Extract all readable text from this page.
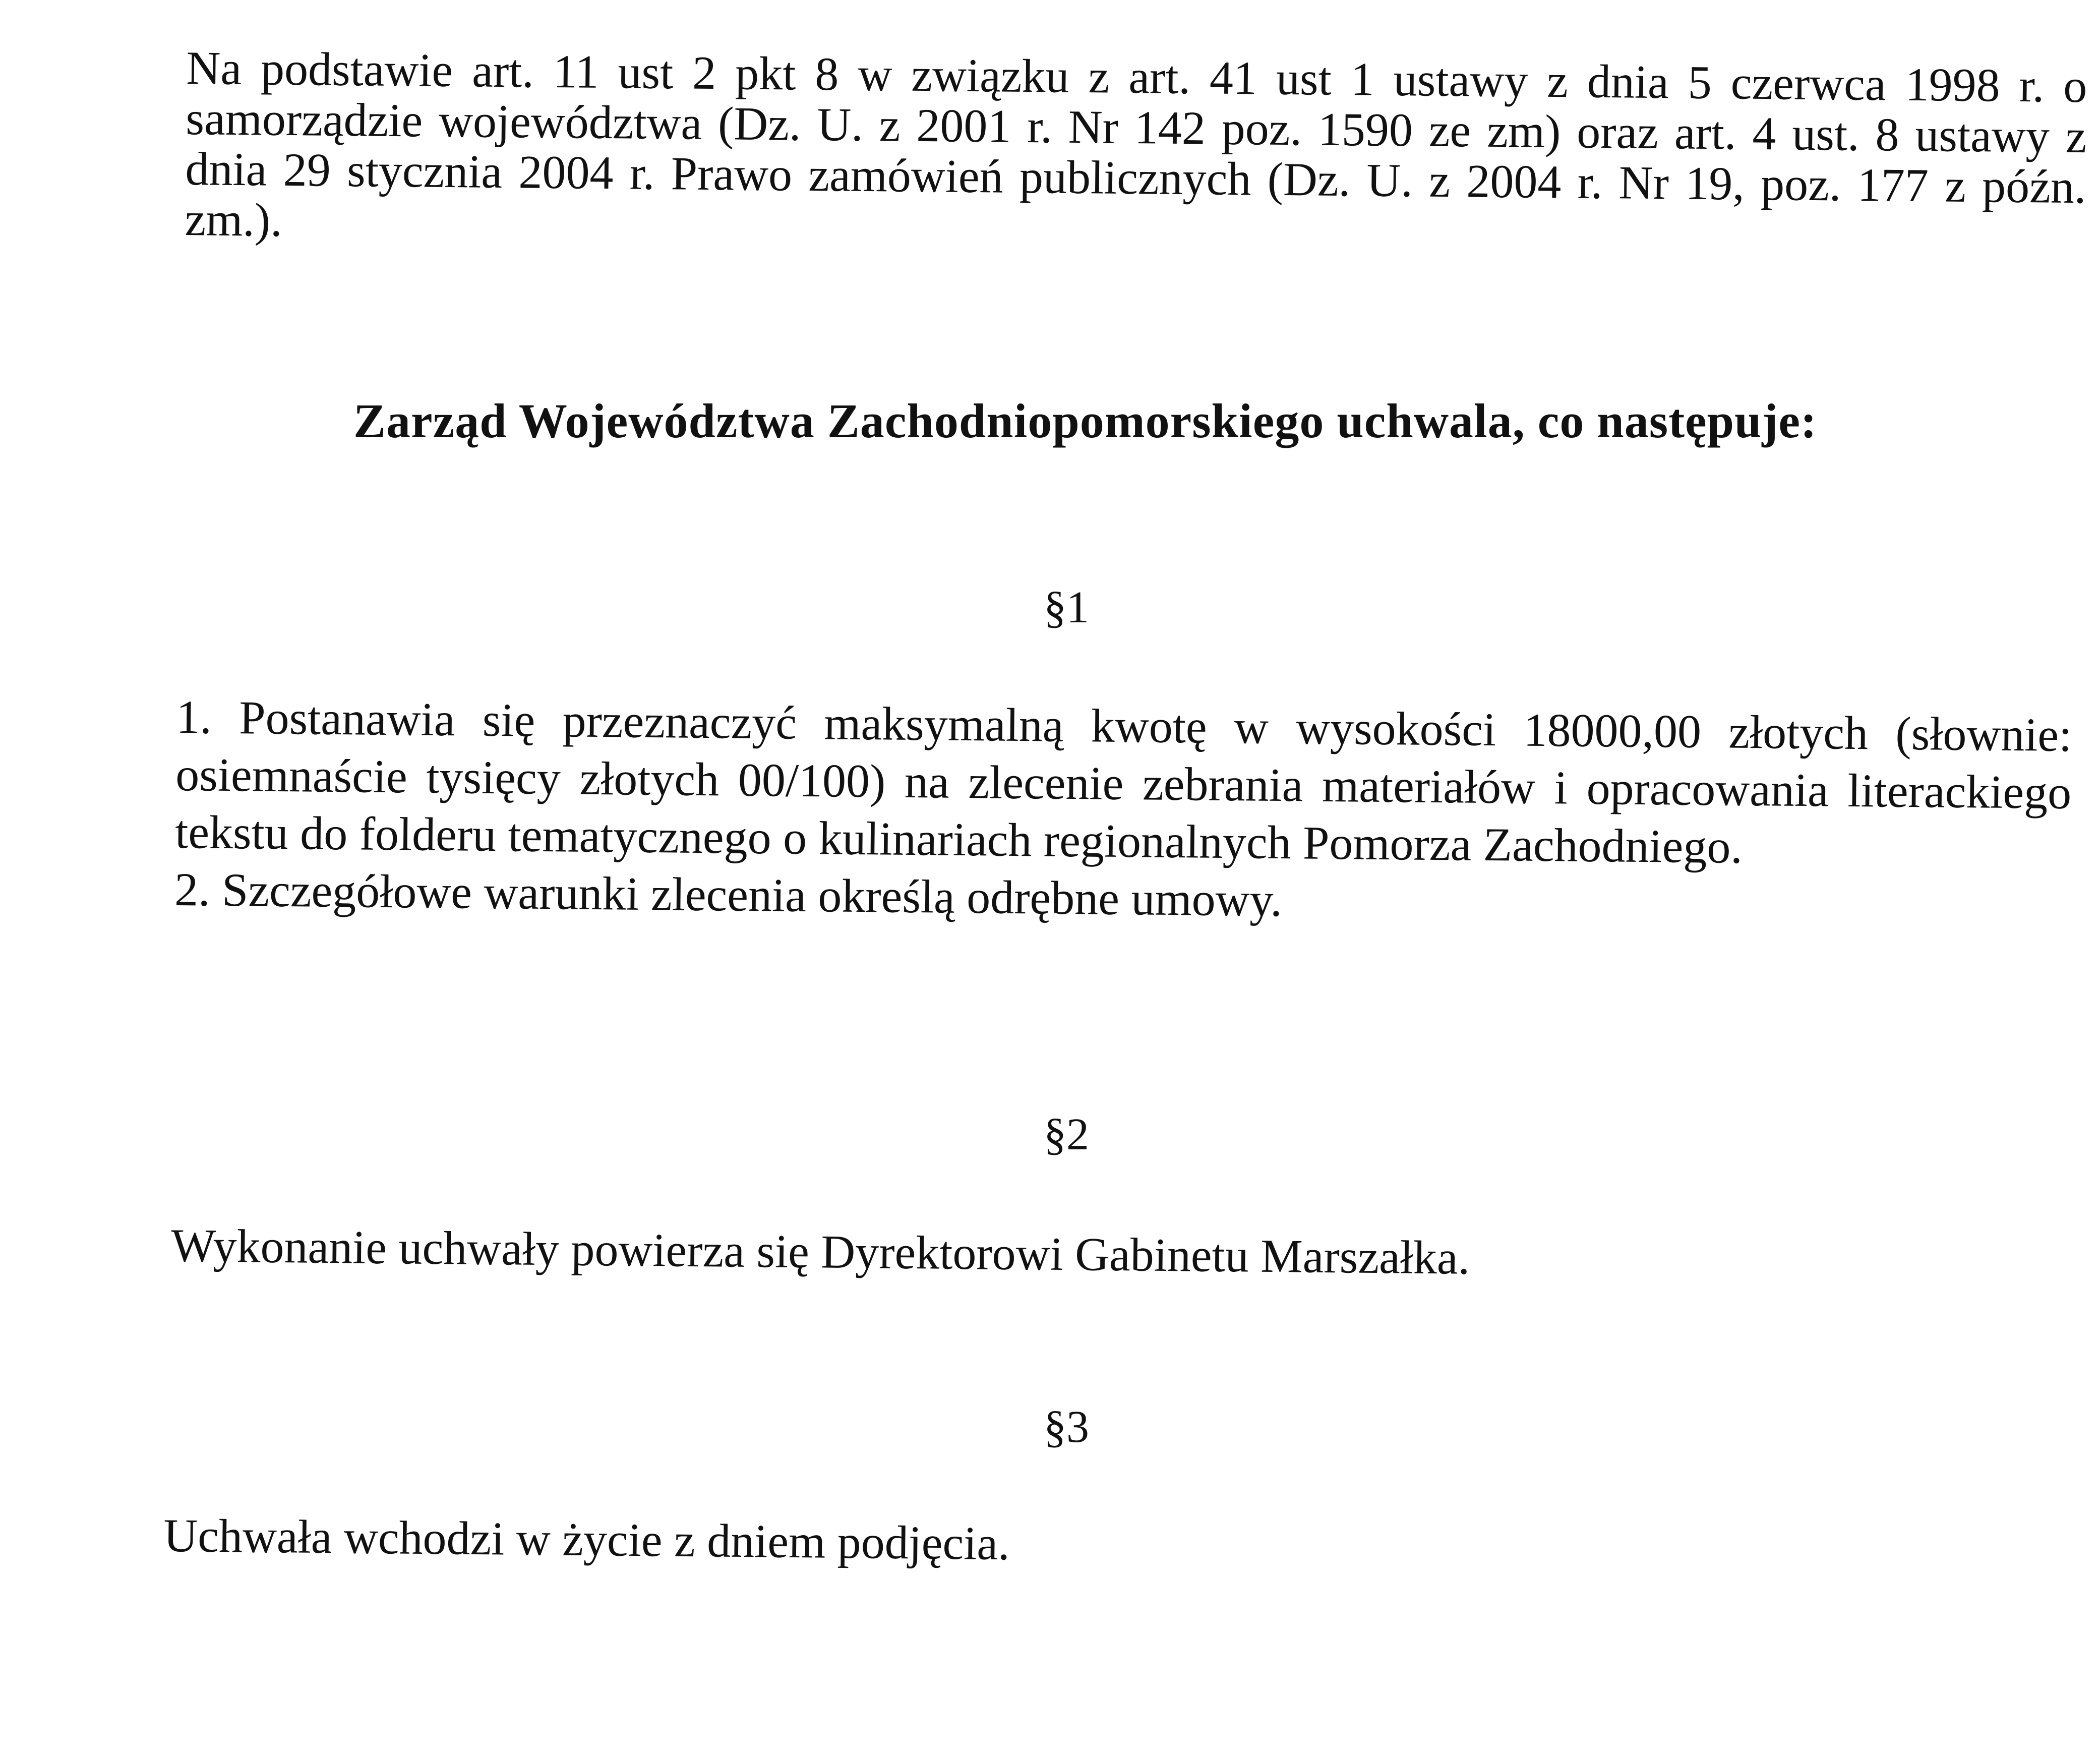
Na podstawie art. 11 ust 2 pkt 8 w związku z art. 41 ust 1 ustawy z dnia 5 czerwca 1998 r. o samorządzie województwa (Dz. U. z 2001 r. Nr 142 poz. 1590 ze zm) oraz art. 4 ust. 8 ustawy z dnia 29 stycznia 2004 r. Prawo zamówień publicznych (Dz. U. z 2004 r. Nr 19, poz. 177 z późn. zm.).

Zarząd Województwa Zachodniopomorskiego uchwala, co następuje:
§1

1. Postanawia się przeznaczyć maksymalną kwotę w wysokości 18000,00 złotych (słownie: osiemnaście tysięcy złotych 00/100) na zlecenie zebrania materiałów i opracowania literackiego tekstu do folderu tematycznego o kulinariach regionalnych Pomorza Zachodniego.

2. Szczegółowe warunki zlecenia określą odrębne umowy.

§2

Wykonanie uchwały powierza się Dyrektorowi Gabinetu Marszałka.

§3

Uchwała wchodzi w życie z dniem podjęcia.
